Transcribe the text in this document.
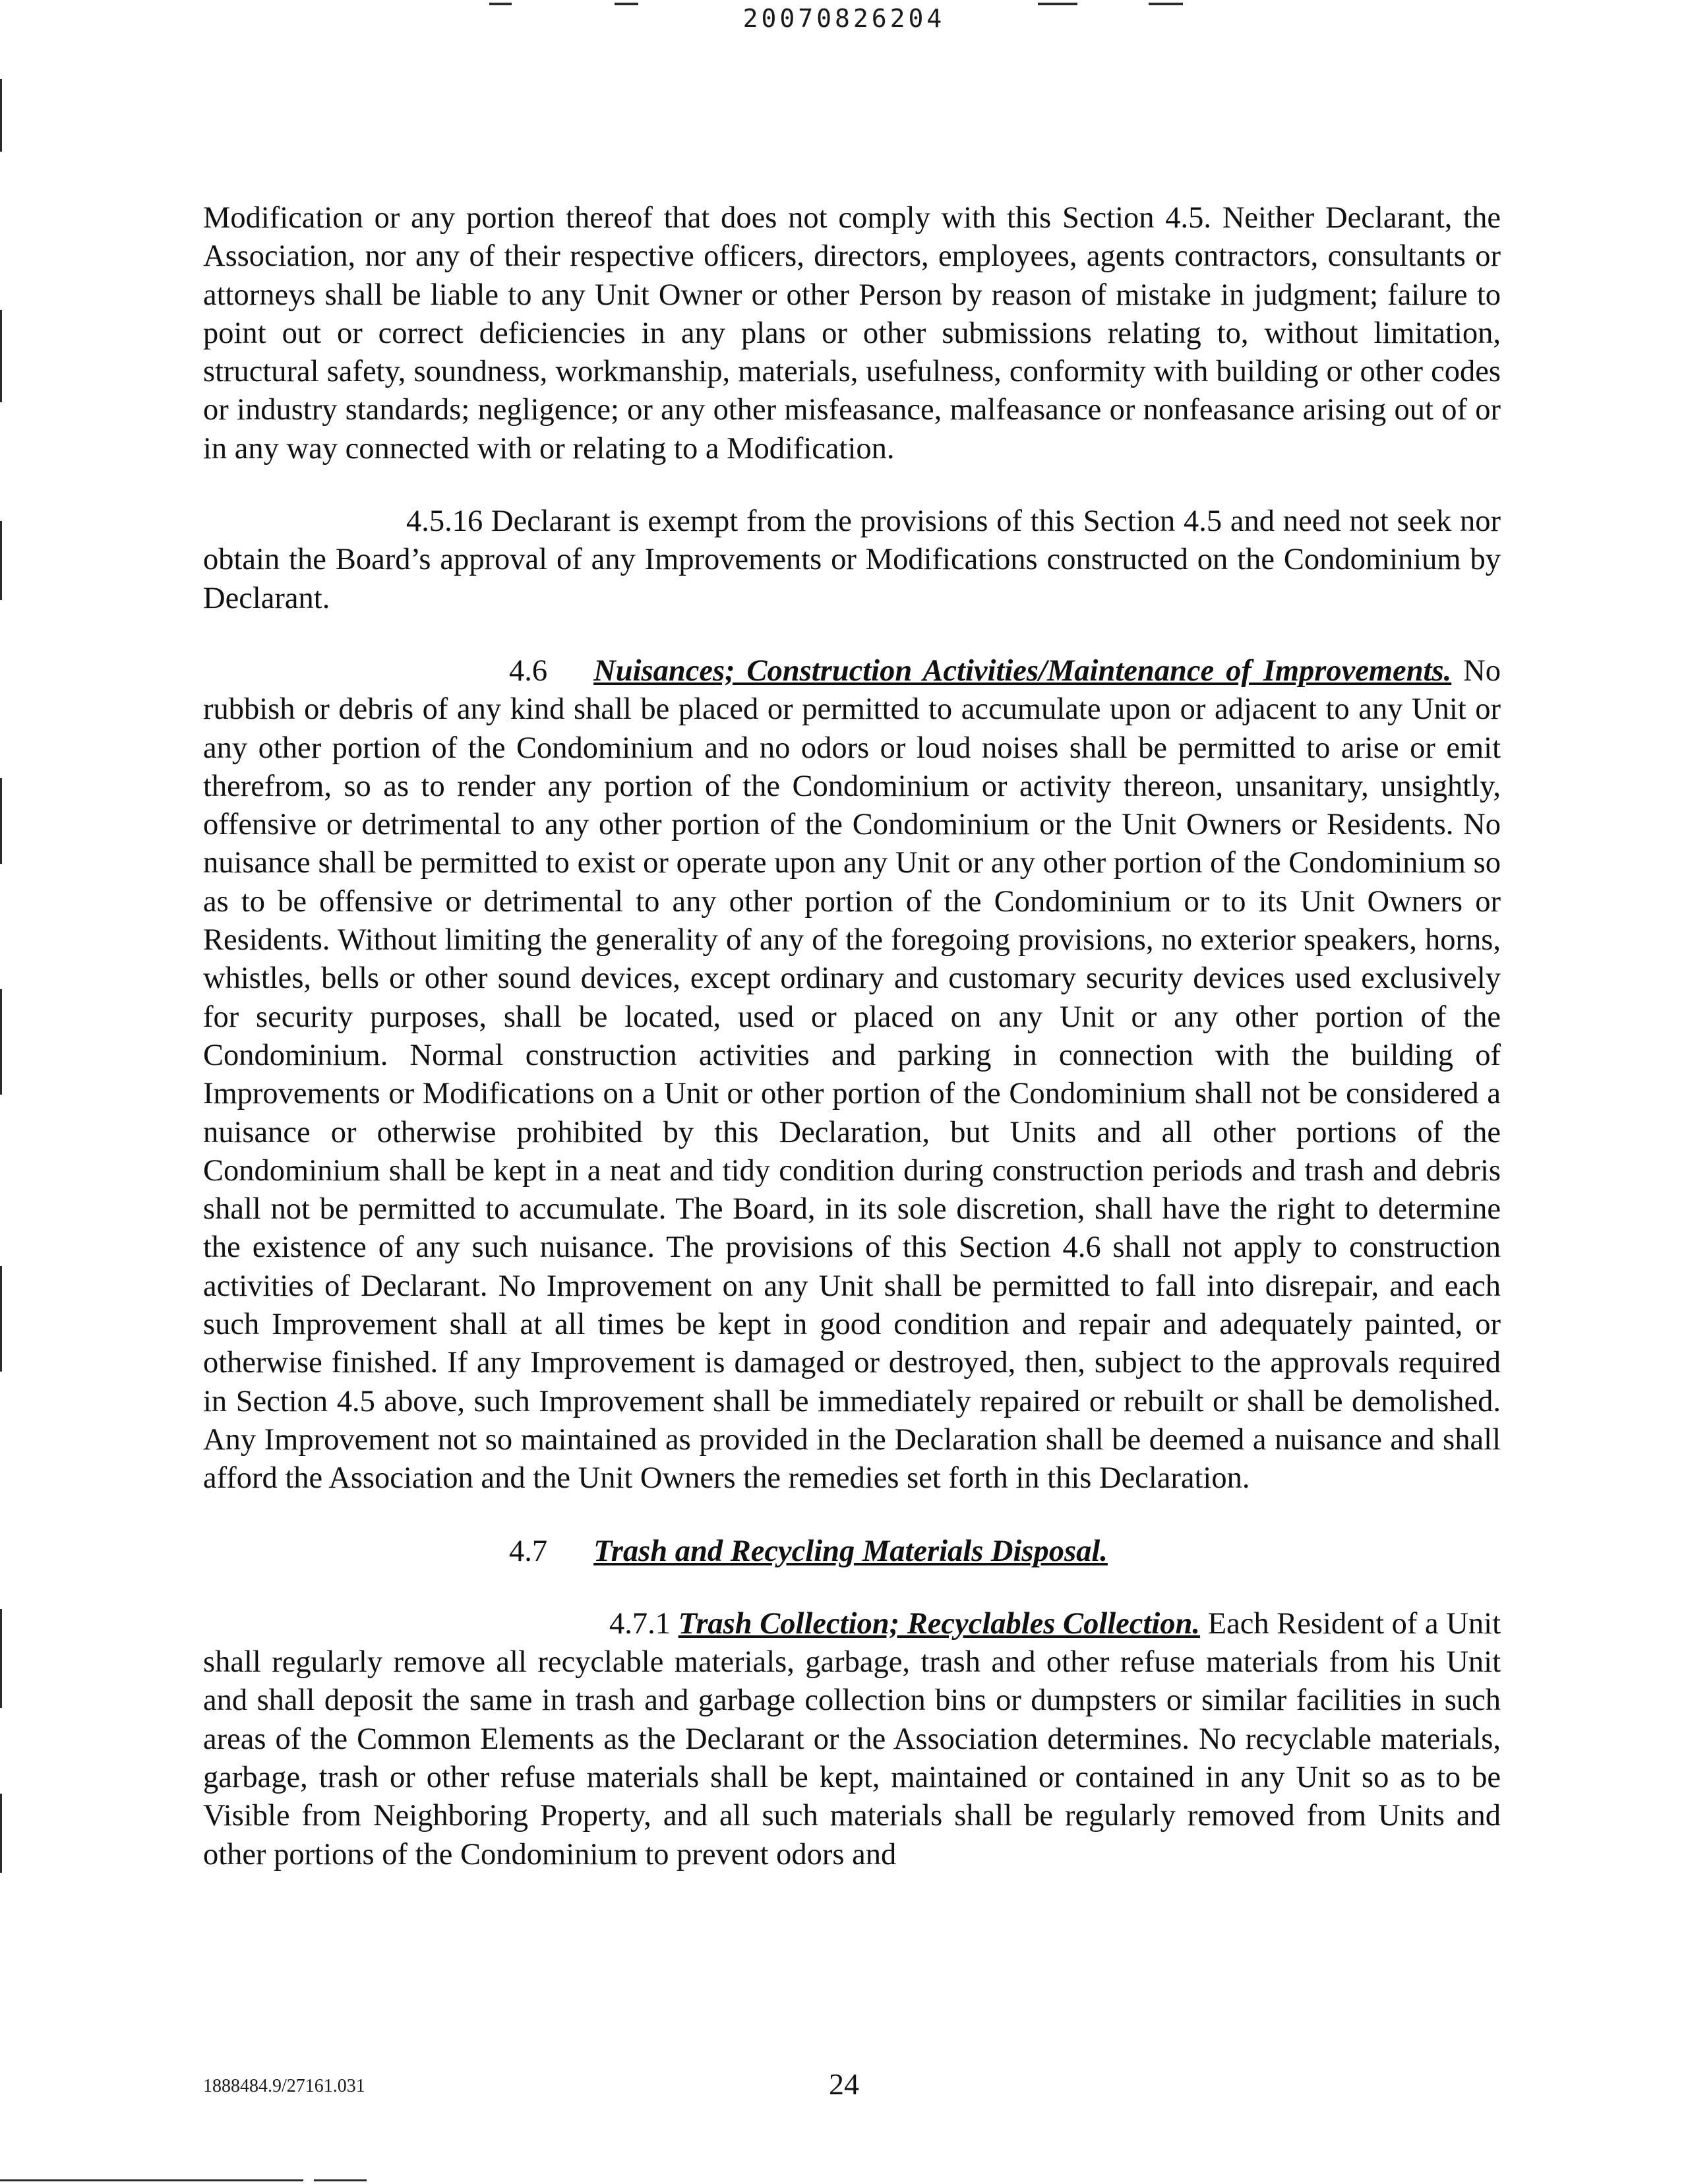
20070826204

Modification or any portion thereof that does not comply with this Section 4.5. Neither Declarant, the Association, nor any of their respective officers, directors, employees, agents contractors, consultants or attorneys shall be liable to any Unit Owner or other Person by reason of mistake in judgment; failure to point out or correct deficiencies in any plans or other submissions relating to, without limitation, structural safety, soundness, workmanship, materials, usefulness, conformity with building or other codes or industry standards; negligence; or any other misfeasance, malfeasance or nonfeasance arising out of or in any way connected with or relating to a Modification.

4.5.16 Declarant is exempt from the provisions of this Section 4.5 and need not seek nor obtain the Board’s approval of any Improvements or Modifications constructed on the Condominium by Declarant.

4.6 Nuisances; Construction Activities/Maintenance of Improvements. No rubbish or debris of any kind shall be placed or permitted to accumulate upon or adjacent to any Unit or any other portion of the Condominium and no odors or loud noises shall be permitted to arise or emit therefrom, so as to render any portion of the Condominium or activity thereon, unsanitary, unsightly, offensive or detrimental to any other portion of the Condominium or the Unit Owners or Residents. No nuisance shall be permitted to exist or operate upon any Unit or any other portion of the Condominium so as to be offensive or detrimental to any other portion of the Condominium or to its Unit Owners or Residents. Without limiting the generality of any of the foregoing provisions, no exterior speakers, horns, whistles, bells or other sound devices, except ordinary and customary security devices used exclusively for security purposes, shall be located, used or placed on any Unit or any other portion of the Condominium. Normal construction activities and parking in connection with the building of Improvements or Modifications on a Unit or other portion of the Condominium shall not be considered a nuisance or otherwise prohibited by this Declaration, but Units and all other portions of the Condominium shall be kept in a neat and tidy condition during construction periods and trash and debris shall not be permitted to accumulate. The Board, in its sole discretion, shall have the right to determine the existence of any such nuisance. The provisions of this Section 4.6 shall not apply to construction activities of Declarant. No Improvement on any Unit shall be permitted to fall into disrepair, and each such Improvement shall at all times be kept in good condition and repair and adequately painted, or otherwise finished. If any Improvement is damaged or destroyed, then, subject to the approvals required in Section 4.5 above, such Improvement shall be immediately repaired or rebuilt or shall be demolished. Any Improvement not so maintained as provided in the Declaration shall be deemed a nuisance and shall afford the Association and the Unit Owners the remedies set forth in this Declaration.

4.7 Trash and Recycling Materials Disposal.

4.7.1 Trash Collection; Recyclables Collection. Each Resident of a Unit shall regularly remove all recyclable materials, garbage, trash and other refuse materials from his Unit and shall deposit the same in trash and garbage collection bins or dumpsters or similar facilities in such areas of the Common Elements as the Declarant or the Association determines. No recyclable materials, garbage, trash or other refuse materials shall be kept, maintained or contained in any Unit so as to be Visible from Neighboring Property, and all such materials shall be regularly removed from Units and other portions of the Condominium to prevent odors and

1888484.9/27161.031	24
